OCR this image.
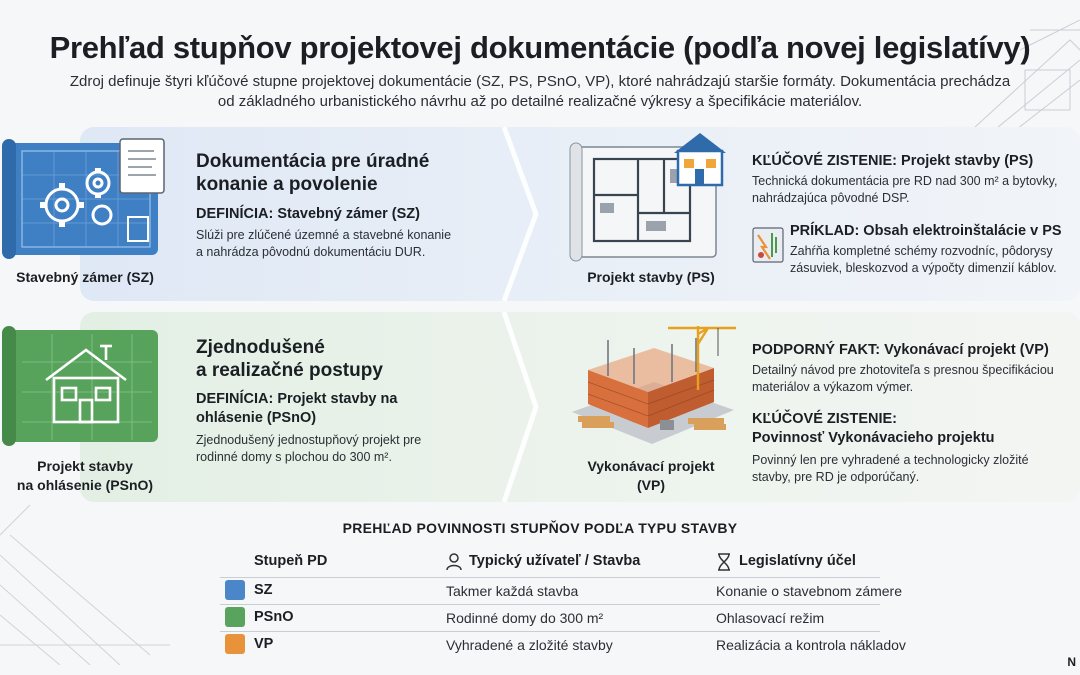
Prehľad stupňov projektovej dokumentácie (podľa novej legislatívy)
Zdroj definuje štyri kľúčové stupne projektovej dokumentácie (SZ, PS, PSnO, VP), ktoré nahrádzajú staršie formáty. Dokumentácia prechádza
od základného urbanistického návrhu až po detailné realizačné výkresy a špecifikácie materiálov.
Stavebný zámer (SZ)
Dokumentácia pre úradné
konanie a povolenie
DEFINÍCIA: Stavebný zámer (SZ)
Slúži pre zlúčené územné a stavebné konanie
a nahrádza pôvodnú dokumentáciu DUR.
Projekt stavby (PS)
KĽÚČOVÉ ZISTENIE: Projekt stavby (PS)
Technická dokumentácia pre RD nad 300 m² a bytovky,
nahrádzajúca pôvodné DSP.
PRÍKLAD: Obsah elektroinštalácie v PS
Zahŕňa kompletné schémy rozvodníc, pôdorysy
zásuviek, bleskozvod a výpočty dimenzií káblov.
Projekt stavby
na ohlásenie (PSnO)
Zjednodušené
a realizačné postupy
DEFINÍCIA: Projekt stavby na
ohlásenie (PSnO)
Zjednodušený jednostupňový projekt pre
rodinné domy s plochou do 300 m².
Vykonávací projekt
(VP)
PODPORNÝ FAKT: Vykonávací projekt (VP)
Detailný návod pre zhotoviteľa s presnou špecifikáciou
materiálov a výkazom výmer.
KĽÚČOVÉ ZISTENIE:
Povinnosť Vykonávacieho projektu
Povinný len pre vyhradené a technologicky zložité
stavby, pre RD je odporúčaný.
PREHĽAD POVINNOSTI STUPŇOV PODĽA TYPU STAVBY
Stupeň PD	Typický užívateľ / Stavba	Legislatívny účel
SZ	Takmer každá stavba	Konanie o stavebnom zámere
PSnO	Rodinné domy do 300 m²	Ohlasovací režim
VP	Vyhradené a zložité stavby	Realizácia a kontrola nákladov
N
